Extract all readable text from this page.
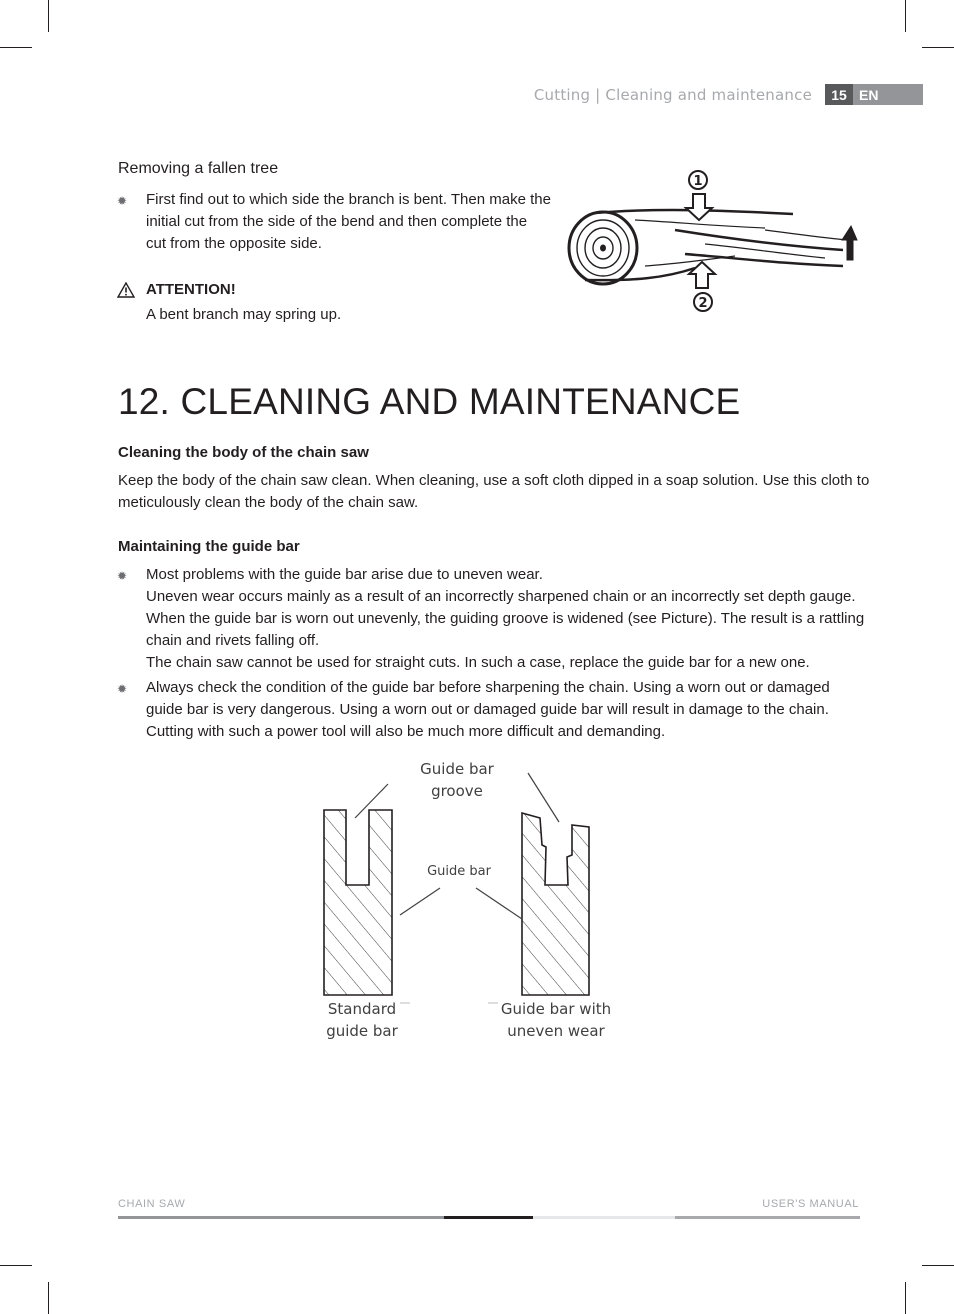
Cutting | Cleaning and maintenance	15 EN
Removing a fallen tree
✹ First find out to which side the branch is bent. Then make the
initial cut from the side of the bend and then complete the
cut from the opposite side.
ATTENTION!
A bent branch may spring up.
1
2
12. CLEANING AND MAINTENANCE
Cleaning the body of the chain saw
Keep the body of the chain saw clean. When cleaning, use a soft cloth dipped in a soap solution. Use this cloth to
meticulously clean the body of the chain saw.
Maintaining the guide bar
✹ Most problems with the guide bar arise due to uneven wear.
Uneven wear occurs mainly as a result of an incorrectly sharpened chain or an incorrectly set depth gauge.
When the guide bar is worn out unevenly, the guiding groove is widened (see Picture). The result is a rattling
chain and rivets falling off.
The chain saw cannot be used for straight cuts. In such a case, replace the guide bar for a new one.
✹ Always check the condition of the guide bar before sharpening the chain. Using a worn out or damaged
guide bar is very dangerous. Using a worn out or damaged guide bar will result in damage to the chain.
Cutting with such a power tool will also be much more difficult and demanding.
Guide bar
groove
Guide bar
Standard
guide bar
Guide bar with
uneven wear
CHAIN SAW	USER'S MANUAL
